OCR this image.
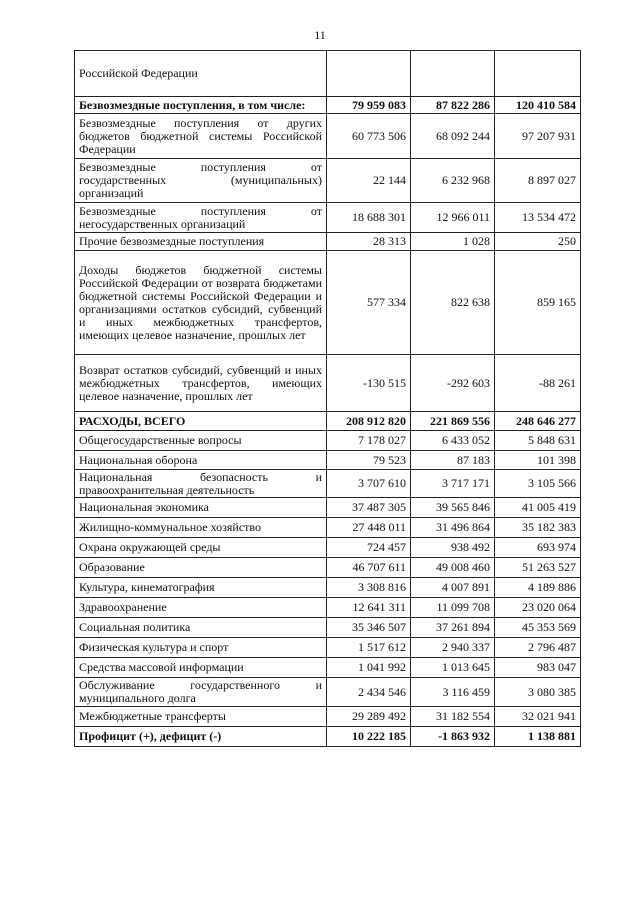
11
Российской Федерации			
Безвозмездные поступления, в том числе:	79 959 083	87 822 286	120 410 584
Безвозмездные поступления от других бюджетов бюджетной системы Российской Федерации	60 773 506	68 092 244	97 207 931
Безвозмездные поступления от государственных (муниципальных) организаций	22 144	6 232 968	8 897 027
Безвозмездные поступления от негосударственных организаций	18 688 301	12 966 011	13 534 472
Прочие безвозмездные поступления	28 313	1 028	250
Доходы бюджетов бюджетной системы Российской Федерации от возврата бюджетами бюджетной системы Российской Федерации и организациями остатков субсидий, субвенций и иных межбюджетных трансфертов, имеющих целевое назначение, прошлых лет	577 334	822 638	859 165
Возврат остатков субсидий, субвенций и иных межбюджетных трансфертов, имеющих целевое назначение, прошлых лет	-130 515	-292 603	-88 261
РАСХОДЫ, ВСЕГО	208 912 820	221 869 556	248 646 277
Общегосударственные вопросы	7 178 027	6 433 052	5 848 631
Национальная оборона	79 523	87 183	101 398
Национальная безопасность и правоохранительная деятельность	3 707 610	3 717 171	3 105 566
Национальная экономика	37 487 305	39 565 846	41 005 419
Жилищно-коммунальное хозяйство	27 448 011	31 496 864	35 182 383
Охрана окружающей среды	724 457	938 492	693 974
Образование	46 707 611	49 008 460	51 263 527
Культура, кинематография	3 308 816	4 007 891	4 189 886
Здравоохранение	12 641 311	11 099 708	23 020 064
Социальная политика	35 346 507	37 261 894	45 353 569
Физическая культура и спорт	1 517 612	2 940 337	2 796 487
Средства массовой информации	1 041 992	1 013 645	983 047
Обслуживание государственного и муниципального долга	2 434 546	3 116 459	3 080 385
Межбюджетные трансферты	29 289 492	31 182 554	32 021 941
Профицит (+), дефицит (-)	10 222 185	-1 863 932	1 138 881
